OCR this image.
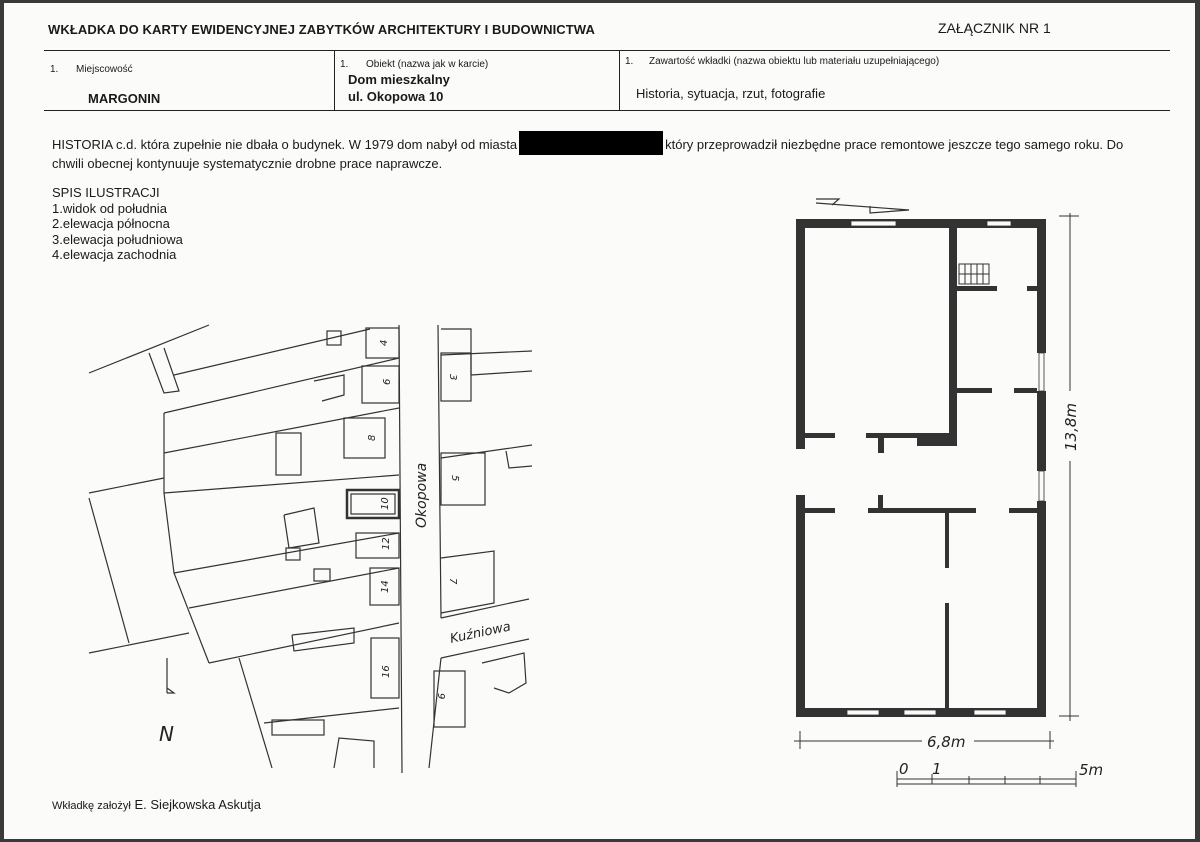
WKŁADKA DO KARTY EWIDENCYJNEJ ZABYTKÓW ARCHITEKTURY I BUDOWNICTWA	ZAŁĄCZNIK NR 1
1. Miejscowość
MARGONIN
1. Obiekt (nazwa jak w karcie)
Dom mieszkalny
ul. Okopowa 10
1. Zawartość wkładki (nazwa obiektu lub materiału uzupełniającego)
Historia, sytuacja, rzut, fotografie
HISTORIA c.d. która zupełnie nie dbała o budynek. W 1979 dom nabył od miasta	który przeprowadził niezbędne prace remontowe jeszcze tego samego roku. Do chwili obecnej kontynuuje systematycznie drobne prace naprawcze.
SPIS ILUSTRACJI
1.widok od południa
2.elewacja północna
3.elewacja południowa
4.elewacja zachodnia
Okopowa
Kuźniowa
N
4
6
8
10
12
14
16
3
5
7
9
6,8m
13,8m
0 1	5m
Wkładkę założył E. Siejkowska Askutja
